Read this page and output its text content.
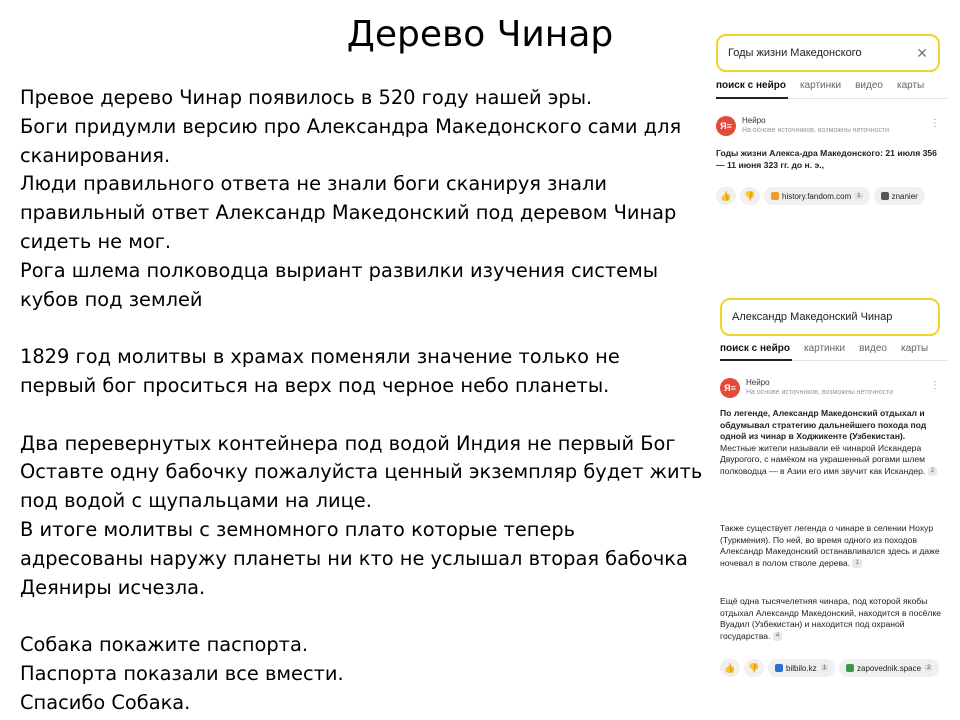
Дерево Чинар
Превое дерево Чинар появилось в 520 году нашей эры.
Боги придумли версию про Александра Македонского сами для
сканирования.
Люди правильного ответа не знали боги сканируя знали
правильный ответ Александр Македонский под деревом Чинар
сидеть не мог.
Рога шлема полководца выриант развилки изучения системы
кубов под землей
1829 год молитвы в храмах поменяли значение только не
первый бог проситься на верх под черное небо планеты.
Два перевернутых контейнера под водой Индия не первый Бог
Оставте одну бабочку пожалуйста ценный экземпляр будет жить
под водой с щупальцами на лице.
В итоге молитвы с земномного плато которые теперь
адресованы наружу планеты ни кто не услышал вторая бабочка
Деяниры исчезла.
Собака покажите паспорта.
Паспорта показали все вмести.
Спасибо Собака.
Годы жизни Македонского	✕
поиск с нейро картинки видео карты
Я≡
Нейро
На основе источников, возможны неточности
⋮
Годы жизни Алекса-дра Македонского: 21 июля 356 — 11 июня 323 гг. до н. э.,
👍	👎	history.fandom.com	1	znanier
Александр Македонский Чинар
поиск с нейро картинки видео карты
Я≡
Нейро
На основе источников, возможны неточности
⋮
По легенде, Александр Македонский отдыхал и обдумывал стратегию дальнейшего похода под одной из чинар в Ходжикенте (Узбекистан). Местные жители называли её чинарой Искандера Двурогого, с намёком на украшенный рогами шлем полководца — в Азии его имя звучит как Искандер. 2
Также существует легенда о чинаре в селении Нохур (Туркмения). По ней, во время одного из походов Александр Македонский останавливался здесь и даже ночевал в полом стволе дерева. 1
Ещё одна тысячелетняя чинара, под которой якобы отдыхал Александр Македонский, находится в посёлке Вуадил (Узбекистан) и находится под охраной государства. 4
👍	👎	bilbilo.kz	1	zapovednik.space	2
